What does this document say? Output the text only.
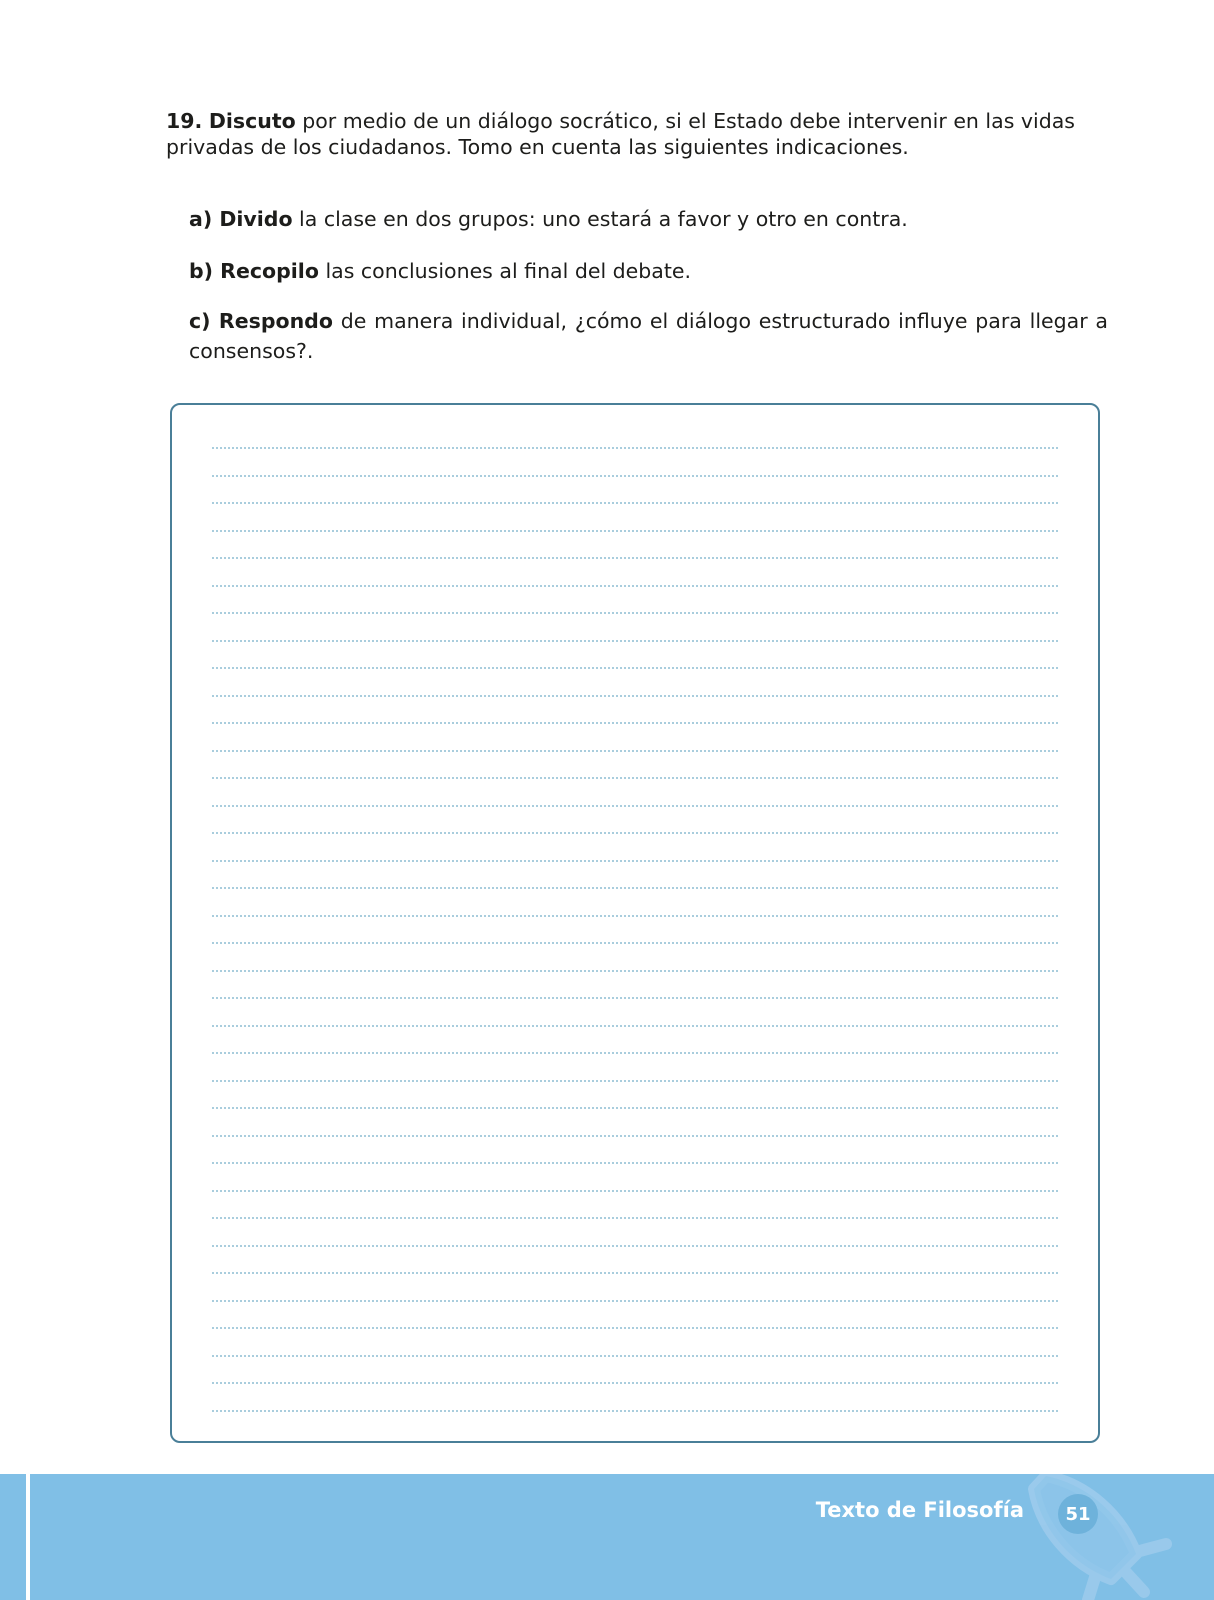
19. Discuto por medio de un diálogo socrático, si el Estado debe intervenir en las vidas privadas de los ciudadanos. Tomo en cuenta las siguientes indicaciones.

a) Divido la clase en dos grupos: uno estará a favor y otro en contra.

b) Recopilo las conclusiones al final del debate.

c) Respondo de manera individual, ¿cómo el diálogo estructurado influye para llegar a consensos?.

Texto de Filosofía 51
